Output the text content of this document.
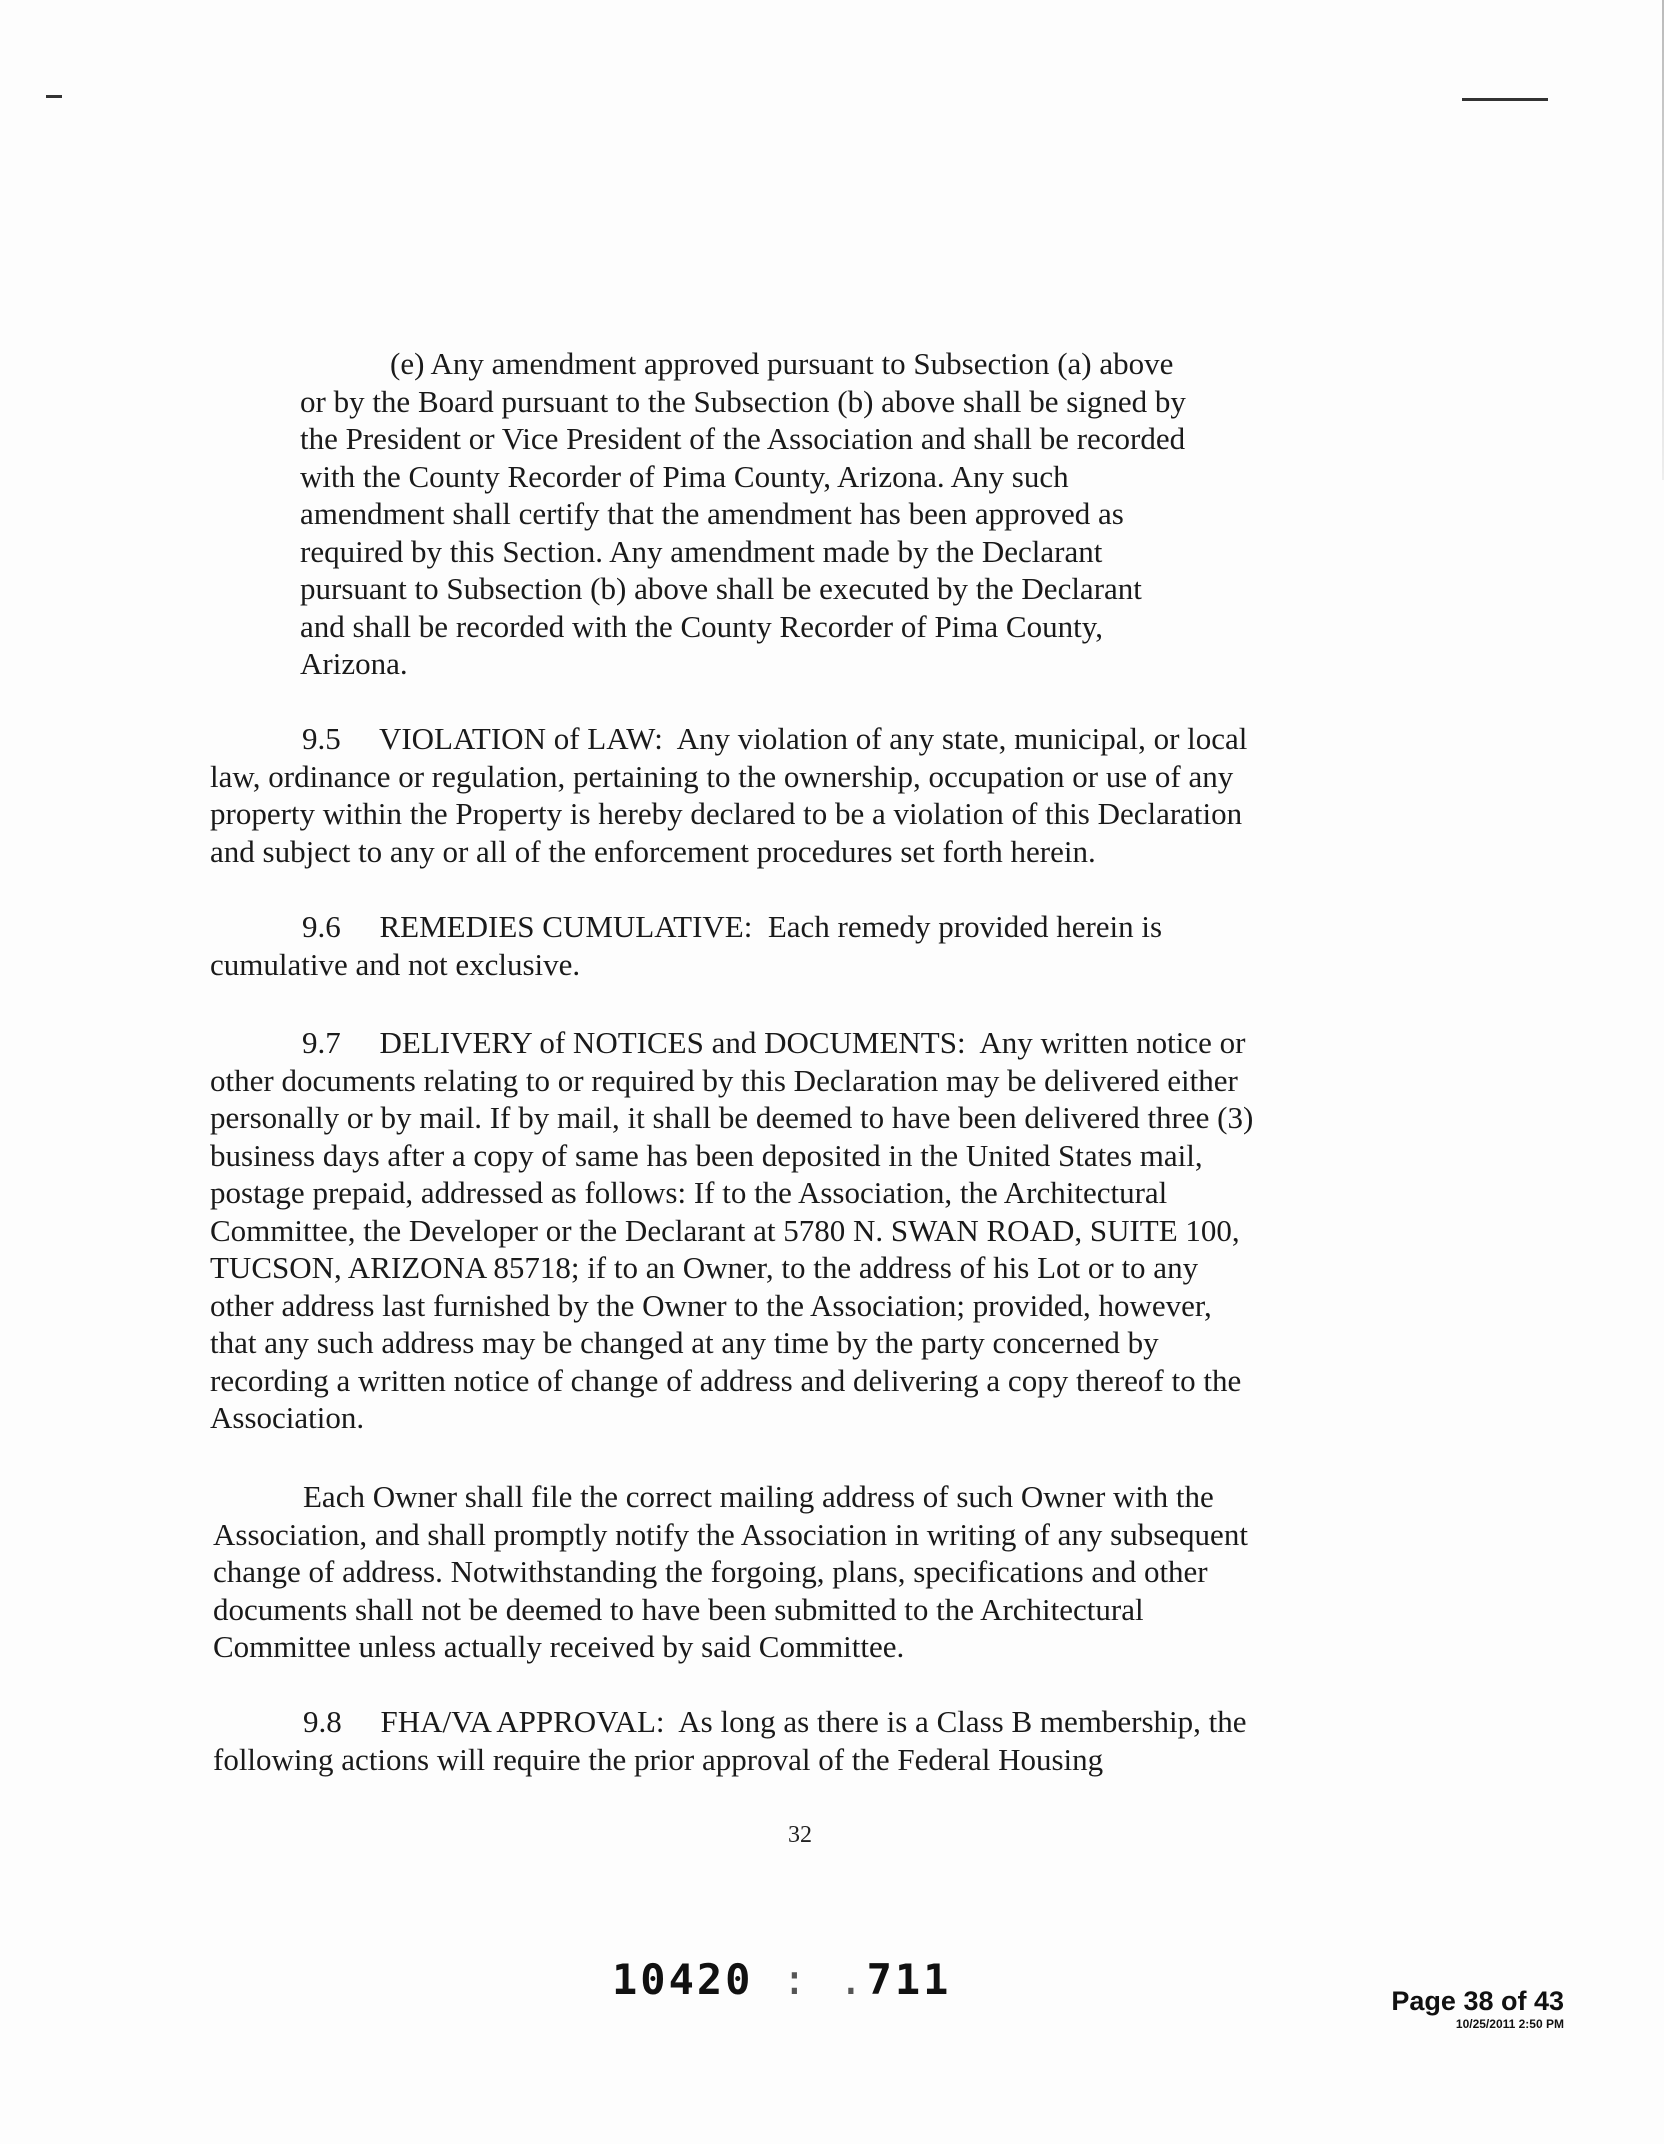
(e) Any amendment approved pursuant to Subsection (a) above
or by the Board pursuant to the Subsection (b) above shall be signed by
the President or Vice President of the Association and shall be recorded
with the County Recorder of Pima County, Arizona. Any such
amendment shall certify that the amendment has been approved as
required by this Section. Any amendment made by the Declarant
pursuant to Subsection (b) above shall be executed by the Declarant
and shall be recorded with the County Recorder of Pima County,
Arizona.
9.5     VIOLATION of LAW:  Any violation of any state, municipal, or local
law, ordinance or regulation, pertaining to the ownership, occupation or use of any
property within the Property is hereby declared to be a violation of this Declaration
and subject to any or all of the enforcement procedures set forth herein.
9.6     REMEDIES CUMULATIVE:  Each remedy provided herein is
cumulative and not exclusive.
9.7     DELIVERY of NOTICES and DOCUMENTS:  Any written notice or
other documents relating to or required by this Declaration may be delivered either
personally or by mail. If by mail, it shall be deemed to have been delivered three (3)
business days after a copy of same has been deposited in the United States mail,
postage prepaid, addressed as follows: If to the Association, the Architectural
Committee, the Developer or the Declarant at 5780 N. SWAN ROAD, SUITE 100,
TUCSON, ARIZONA 85718; if to an Owner, to the address of his Lot or to any
other address last furnished by the Owner to the Association; provided, however,
that any such address may be changed at any time by the party concerned by
recording a written notice of change of address and delivering a copy thereof to the
Association.
Each Owner shall file the correct mailing address of such Owner with the
Association, and shall promptly notify the Association in writing of any subsequent
change of address. Notwithstanding the forgoing, plans, specifications and other
documents shall not be deemed to have been submitted to the Architectural
Committee unless actually received by said Committee.
9.8     FHA/VA APPROVAL:  As long as there is a Class B membership, the
following actions will require the prior approval of the Federal Housing
32
10420 : .711	Page 38 of 43
10/25/2011 2:50 PM
